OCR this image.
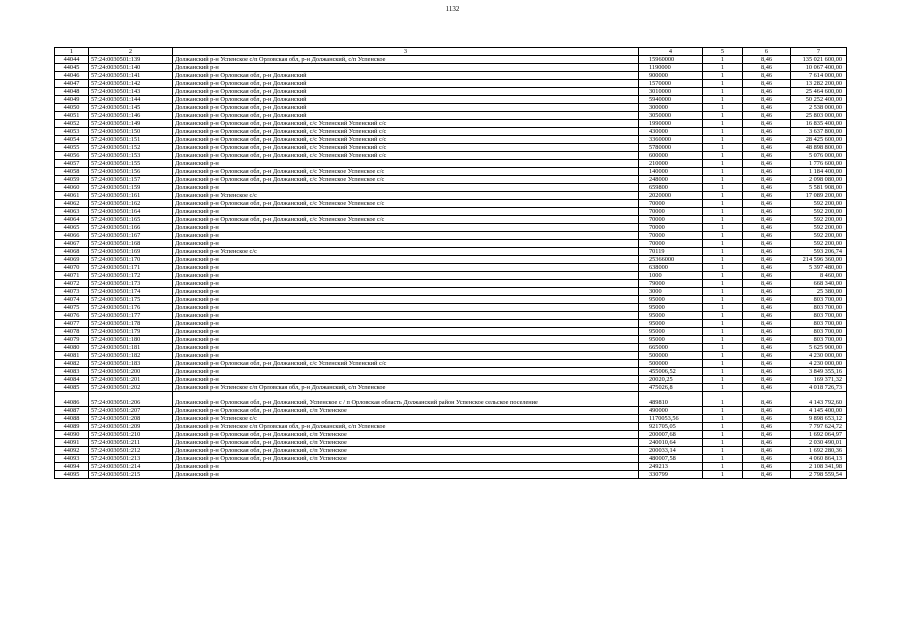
1132
1	2	3	4	5	6	7
44044	57:24:0030501:139	Должанский р-н Успенское с/п Орловская обл, р-н Должанский, с/п Успенское	15960000	1	8,46	135 021 600,00
44045	57:24:0030501:140	Должанский р-н	1190000	1	8,46	10 067 400,00
44046	57:24:0030501:141	Должанский р-н Орловская обл, р-н Должанский	900000	1	8,46	7 614 000,00
44047	57:24:0030501:142	Должанский р-н Орловская обл, р-н Должанский	1570000	1	8,46	13 282 200,00
44048	57:24:0030501:143	Должанский р-н Орловская обл, р-н Должанский	3010000	1	8,46	25 464 600,00
44049	57:24:0030501:144	Должанский р-н Орловская обл, р-н Должанский	5940000	1	8,46	50 252 400,00
44050	57:24:0030501:145	Должанский р-н Орловская обл, р-н Должанский	300000	1	8,46	2 538 000,00
44051	57:24:0030501:146	Должанский р-н Орловская обл, р-н Должанский	3050000	1	8,46	25 803 000,00
44052	57:24:0030501:149	Должанский р-н Орловская обл, р-н Должанский, с/с Успенский Успенский с/с	1990000	1	8,46	16 835 400,00
44053	57:24:0030501:150	Должанский р-н Орловская обл, р-н Должанский, с/с Успенский Успенский с/с	430000	1	8,46	3 637 800,00
44054	57:24:0030501:151	Должанский р-н Орловская обл, р-н Должанский, с/с Успенский Успенский с/с	3360000	1	8,46	28 425 600,00
44055	57:24:0030501:152	Должанский р-н Орловская обл, р-н Должанский, с/с Успенский Успенский с/с	5780000	1	8,46	48 898 800,00
44056	57:24:0030501:153	Должанский р-н Орловская обл, р-н Должанский, с/с Успенский Успенский с/с	600000	1	8,46	5 076 000,00
44057	57:24:0030501:155	Должанский р-н	210000	1	8,46	1 776 600,00
44058	57:24:0030501:156	Должанский р-н Орловская обл, р-н Должанский, с/с Успенское Успенское с/с	140000	1	8,46	1 184 400,00
44059	57:24:0030501:157	Должанский р-н Орловская обл, р-н Должанский, с/с Успенское Успенское с/с	248000	1	8,46	2 098 080,00
44060	57:24:0030501:159	Должанский р-н	659800	1	8,46	5 581 908,00
44061	57:24:0030501:161	Должанский р-н Успенское с/с	2020000	1	8,46	17 089 200,00
44062	57:24:0030501:162	Должанский р-н Орловская обл, р-н Должанский, с/с Успенское Успенское с/с	70000	1	8,46	592 200,00
44063	57:24:0030501:164	Должанский р-н	70000	1	8,46	592 200,00
44064	57:24:0030501:165	Должанский р-н Орловская обл, р-н Должанский, с/с Успенское Успенское с/с	70000	1	8,46	592 200,00
44065	57:24:0030501:166	Должанский р-н	70000	1	8,46	592 200,00
44066	57:24:0030501:167	Должанский р-н	70000	1	8,46	592 200,00
44067	57:24:0030501:168	Должанский р-н	70000	1	8,46	592 200,00
44068	57:24:0030501:169	Должанский р-н Успенское с/с	70119	1	8,46	593 206,74
44069	57:24:0030501:170	Должанский р-н	25366000	1	8,46	214 596 360,00
44070	57:24:0030501:171	Должанский р-н	638000	1	8,46	5 397 480,00
44071	57:24:0030501:172	Должанский р-н	1000	1	8,46	8 460,00
44072	57:24:0030501:173	Должанский р-н	79000	1	8,46	668 340,00
44073	57:24:0030501:174	Должанский р-н	3000	1	8,46	25 380,00
44074	57:24:0030501:175	Должанский р-н	95000	1	8,46	803 700,00
44075	57:24:0030501:176	Должанский р-н	95000	1	8,46	803 700,00
44076	57:24:0030501:177	Должанский р-н	95000	1	8,46	803 700,00
44077	57:24:0030501:178	Должанский р-н	95000	1	8,46	803 700,00
44078	57:24:0030501:179	Должанский р-н	95000	1	8,46	803 700,00
44079	57:24:0030501:180	Должанский р-н	95000	1	8,46	803 700,00
44080	57:24:0030501:181	Должанский р-н	665000	1	8,46	5 625 900,00
44081	57:24:0030501:182	Должанский р-н	500000	1	8,46	4 230 000,00
44082	57:24:0030501:183	Должанский р-н Орловская обл, р-н Должанский, с/с Успенский Успенский с/с	500000	1	8,46	4 230 000,00
44083	57:24:0030501:200	Должанский р-н	455006,52	1	8,46	3 849 355,16
44084	57:24:0030501:201	Должанский р-н	20020,25	1	8,46	169 371,32
44085	57:24:0030501:202	Должанский р-н Успенское с/п Орловская обл, р-н Должанский, с/п Успенское	475026,8	1	8,46	4 018 726,73
44086	57:24:0030501:206	Должанский р-н Орловская обл, р-н Должанский, Успенское с / п Орловская область Должанский район Успенское сельское поселение	489810	1	8,46	4 143 792,60
44087	57:24:0030501:207	Должанский р-н Орловская обл, р-н Должанский, с/п Успенское	490000	1	8,46	4 145 400,00
44088	57:24:0030501:208	Должанский р-н Успенское с/с	1170053,56	1	8,46	9 898 653,12
44089	57:24:0030501:209	Должанский р-н Успенское с/п Орловская обл, р-н Должанский, с/п Успенское	921705,05	1	8,46	7 797 624,72
44090	57:24:0030501:210	Должанский р-н Орловская обл, р-н Должанский, с/п Успенское	200007,68	1	8,46	1 692 064,97
44091	57:24:0030501:211	Должанский р-н Орловская обл, р-н Должанский, с/п Успенское	240010,64	1	8,46	2 030 490,01
44092	57:24:0030501:212	Должанский р-н Орловская обл, р-н Должанский, с/п Успенское	200033,14	1	8,46	1 692 280,36
44093	57:24:0030501:213	Должанский р-н Орловская обл, р-н Должанский, с/п Успенское	480007,58	1	8,46	4 060 864,13
44094	57:24:0030501:214	Должанский р-н	249213	1	8,46	2 108 341,98
44095	57:24:0030501:215	Должанский р-н	330799	1	8,46	2 798 559,54
